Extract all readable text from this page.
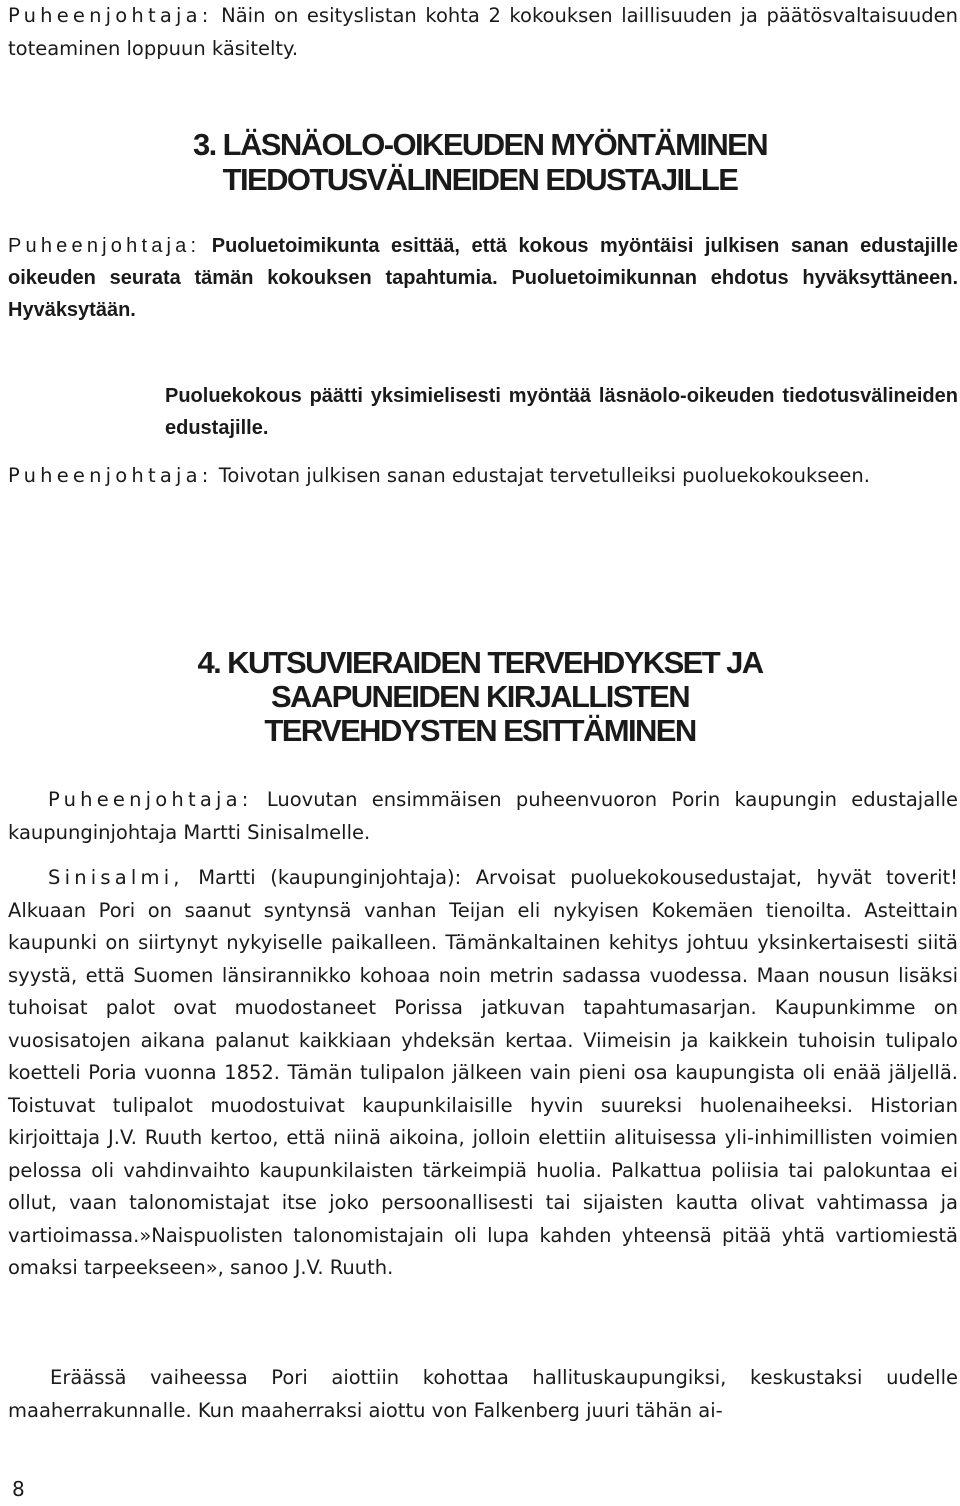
Puheenjohtaja: Näin on esityslistan kohta 2 kokouksen laillisuuden ja päätösvaltaisuuden toteaminen loppuun käsitelty.

3. LÄSNÄOLO-OIKEUDEN MYÖNTÄMINEN

TIEDOTUSVÄLINEIDEN EDUSTAJILLE

Puheenjohtaja: Puoluetoimikunta esittää, että kokous myöntäisi julkisen sanan edustajille oikeuden seurata tämän kokouksen tapahtumia. Puoluetoimikunnan ehdotus hyväksyttäneen. Hyväksytään.

Puoluekokous päätti yksimielisesti myöntää läsnäolo-oikeuden tiedotusvälineiden edustajille.

Puheenjohtaja: Toivotan julkisen sanan edustajat tervetulleiksi puoluekokoukseen.

4. KUTSUVIERAIDEN TERVEHDYKSET JA

SAAPUNEIDEN KIRJALLISTEN

TERVEHDYSTEN ESITTÄMINEN

Puheenjohtaja: Luovutan ensimmäisen puheenvuoron Porin kaupungin edustajalle kaupunginjohtaja Martti Sinisalmelle.

Sinisalmi, Martti (kaupunginjohtaja): Arvoisat puoluekokousedustajat, hyvät toverit! Alkuaan Pori on saanut syntynsä vanhan Teijan eli nykyisen Kokemäen tienoilta. Asteittain kaupunki on siirtynyt nykyiselle paikalleen. Tämänkaltainen kehitys johtuu yksinkertaisesti siitä syystä, että Suomen länsirannikko kohoaa noin metrin sadassa vuodessa. Maan nousun lisäksi tuhoisat palot ovat muodostaneet Porissa jatkuvan tapahtumasarjan. Kaupunkimme on vuosisatojen aikana palanut kaikkiaan yhdeksän kertaa. Viimeisin ja kaikkein tuhoisin tulipalo koetteli Poria vuonna 1852. Tämän tulipalon jälkeen vain pieni osa kaupungista oli enää jäljellä. Toistuvat tulipalot muodostuivat kaupunkilaisille hyvin suureksi huolenaiheeksi. Historian kirjoittaja J.V. Ruuth kertoo, että niinä aikoina, jolloin elettiin alituisessa yli-inhimillisten voimien pelossa oli vahdinvaihto kaupunkilaisten tärkeimpiä huolia. Palkattua poliisia tai palokuntaa ei ollut, vaan talonomistajat itse joko persoonallisesti tai sijaisten kautta olivat vahtimassa ja vartioimassa.»Naispuolisten talonomistajain oli lupa kahden yhteensä pitää yhtä vartiomiestä omaksi tarpeekseen», sanoo J.V. Ruuth.

Eräässä vaiheessa Pori aiottiin kohottaa hallituskaupungiksi, keskustaksi uudelle maaherrakunnalle. Kun maaherraksi aiottu von Falkenberg juuri tähän ai-

8
